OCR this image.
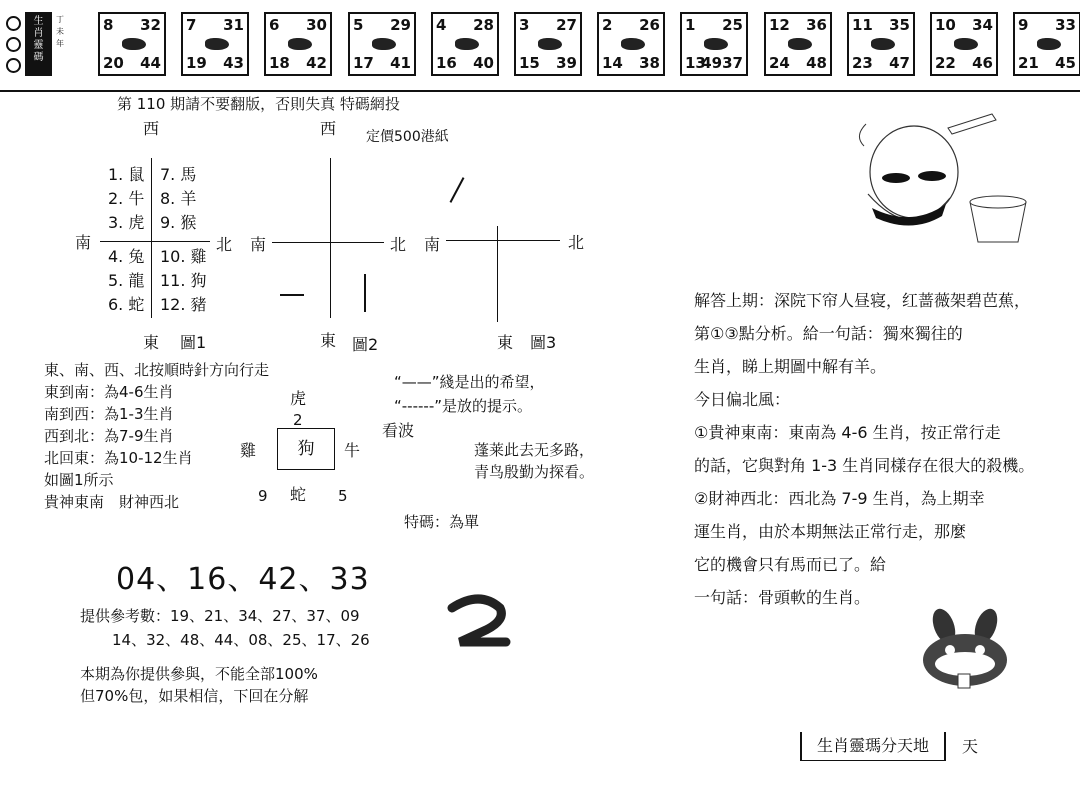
生
肖
靈
碼
丁
未
年
8 32
20 44
7 31
19 43
6 30
18 42
5 29
17 41
4 28
16 40
3 27
15 39
2 26
14 38
1 25
13
4937
12 36
24 48
11 35
23 47
10 34
22 46
9 33
21 45
第 110 期請不要翻版，否則失真 特碼網投
定價500港紙
西
南	北
東 圖1
1. 鼠
2. 牛
3. 虎
4. 兔
5. 龍
6. 蛇
7. 馬
8. 羊
9. 猴
10. 雞
11. 狗
12. 豬
西
南	北
東 圖2
南	北
東 圖3
東、南、西、北按順時針方向行走
東到南：為4-6生肖
南到西：為1-3生肖
西到北：為7-9生肖
北回東：為10-12生肖
如圖1所示
貴神東南　財神西北
“——”綫是出的希望，
“------”是放的提示。
虎
2
雞	狗	牛
9 蛇 5
看波
蓬莱此去无多路，
青鸟殷勤为探看。
特碼：為單
04、16、42、33
提供參考數：19、21、34、27、37、09
14、32、48、44、08、25、17、26
本期為你提供參與，不能全部100%
但70%包，如果相信，下回在分解
解答上期：深院下帘人昼寝，红蔷薇架碧芭蕉，
第①③點分析。給一句話：獨來獨往的
生肖，睇上期圖中解有羊。
今日偏北風：
①貴神東南：東南為 4-6 生肖，按正常行走
的話，它與對角 1-3 生肖同樣存在很大的殺機。
②財神西北：西北為 7-9 生肖，為上期幸
運生肖，由於本期無法正常行走，那麼
它的機會只有馬而已了。給
一句話：骨頭軟的生肖。
生肖靈瑪分天地	天
